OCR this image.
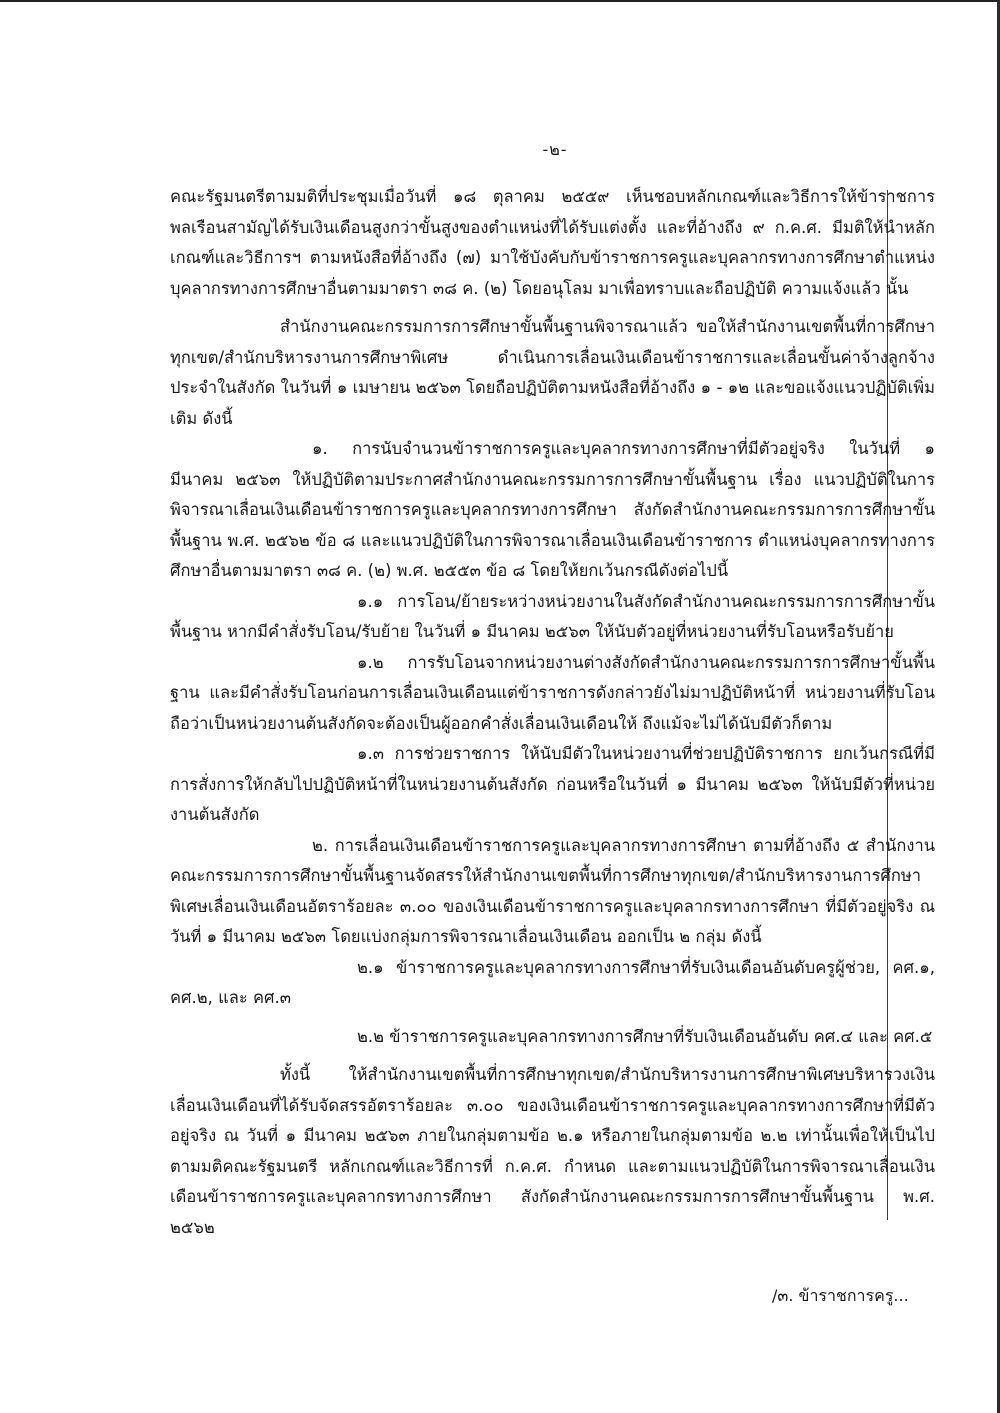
-๒-

คณะรัฐมนตรีตามมติที่ประชุมเมื่อวันที่ ๑๘ ตุลาคม ๒๕๕๙ เห็นชอบหลักเกณฑ์และวิธีการให้ข้าราชการพลเรือนสามัญได้รับเงินเดือนสูงกว่าขั้นสูงของตำแหน่งที่ได้รับแต่งตั้ง และที่อ้างถึง ๙ ก.ค.ศ. มีมติให้นำหลักเกณฑ์และวิธีการฯ ตามหนังสือที่อ้างถึง (๗) มาใช้บังคับกับข้าราชการครูและบุคลากรทางการศึกษาตำแหน่งบุคลากรทางการศึกษาอื่นตามมาตรา ๓๘ ค. (๒) โดยอนุโลม มาเพื่อทราบและถือปฏิบัติ ความแจ้งแล้ว นั้น

สำนักงานคณะกรรมการการศึกษาขั้นพื้นฐานพิจารณาแล้ว ขอให้สำนักงานเขตพื้นที่การศึกษาทุกเขต/สำนักบริหารงานการศึกษาพิเศษ ดำเนินการเลื่อนเงินเดือนข้าราชการและเลื่อนขั้นค่าจ้างลูกจ้างประจำในสังกัด ในวันที่ ๑ เมษายน ๒๕๖๓ โดยถือปฏิบัติตามหนังสือที่อ้างถึง ๑ - ๑๒ และขอแจ้งแนวปฏิบัติเพิ่มเติม ดังนี้

๑. การนับจำนวนข้าราชการครูและบุคลากรทางการศึกษาที่มีตัวอยู่จริง ในวันที่ ๑ มีนาคม ๒๕๖๓ ให้ปฏิบัติตามประกาศสำนักงานคณะกรรมการการศึกษาขั้นพื้นฐาน เรื่อง แนวปฏิบัติในการพิจารณาเลื่อนเงินเดือนข้าราชการครูและบุคลากรทางการศึกษา สังกัดสำนักงานคณะกรรมการการศึกษาขั้นพื้นฐาน พ.ศ. ๒๕๖๒ ข้อ ๘ และแนวปฏิบัติในการพิจารณาเลื่อนเงินเดือนข้าราชการ ตำแหน่งบุคลากรทางการศึกษาอื่นตามมาตรา ๓๘ ค. (๒) พ.ศ. ๒๕๕๓ ข้อ ๘ โดยให้ยกเว้นกรณีดังต่อไปนี้

๑.๑ การโอน/ย้ายระหว่างหน่วยงานในสังกัดสำนักงานคณะกรรมการการศึกษาขั้นพื้นฐาน หากมีคำสั่งรับโอน/รับย้าย ในวันที่ ๑ มีนาคม ๒๕๖๓ ให้นับตัวอยู่ที่หน่วยงานที่รับโอนหรือรับย้าย

๑.๒ การรับโอนจากหน่วยงานต่างสังกัดสำนักงานคณะกรรมการการศึกษาขั้นพื้นฐาน และมีคำสั่งรับโอนก่อนการเลื่อนเงินเดือนแต่ข้าราชการดังกล่าวยังไม่มาปฏิบัติหน้าที่ หน่วยงานที่รับโอนถือว่าเป็นหน่วยงานต้นสังกัดจะต้องเป็นผู้ออกคำสั่งเลื่อนเงินเดือนให้ ถึงแม้จะไม่ได้นับมีตัวก็ตาม

๑.๓ การช่วยราชการ ให้นับมีตัวในหน่วยงานที่ช่วยปฏิบัติราชการ ยกเว้นกรณีที่มีการสั่งการให้กลับไปปฏิบัติหน้าที่ในหน่วยงานต้นสังกัด ก่อนหรือในวันที่ ๑ มีนาคม ๒๕๖๓ ให้นับมีตัวที่หน่วยงานต้นสังกัด

๒. การเลื่อนเงินเดือนข้าราชการครูและบุคลากรทางการศึกษา ตามที่อ้างถึง ๕ สำนักงานคณะกรรมการการศึกษาขั้นพื้นฐานจัดสรรให้สำนักงานเขตพื้นที่การศึกษาทุกเขต/สำนักบริหารงานการศึกษาพิเศษเลื่อนเงินเดือนอัตราร้อยละ ๓.๐๐ ของเงินเดือนข้าราชการครูและบุคลากรทางการศึกษา ที่มีตัวอยู่จริง ณ วันที่ ๑ มีนาคม ๒๕๖๓ โดยแบ่งกลุ่มการพิจารณาเลื่อนเงินเดือน ออกเป็น ๒ กลุ่ม ดังนี้

๒.๑ ข้าราชการครูและบุคลากรทางการศึกษาที่รับเงินเดือนอันดับครูผู้ช่วย, คศ.๑, คศ.๒, และ คศ.๓

๒.๒ ข้าราชการครูและบุคลากรทางการศึกษาที่รับเงินเดือนอันดับ คศ.๔ และ คศ.๕

ทั้งนี้ ให้สำนักงานเขตพื้นที่การศึกษาทุกเขต/สำนักบริหารงานการศึกษาพิเศษบริหารวงเงินเลื่อนเงินเดือนที่ได้รับจัดสรรอัตราร้อยละ ๓.๐๐ ของเงินเดือนข้าราชการครูและบุคลากรทางการศึกษาที่มีตัวอยู่จริง ณ วันที่ ๑ มีนาคม ๒๕๖๓ ภายในกลุ่มตามข้อ ๒.๑ หรือภายในกลุ่มตามข้อ ๒.๒ เท่านั้นเพื่อให้เป็นไปตามมติคณะรัฐมนตรี หลักเกณฑ์และวิธีการที่ ก.ค.ศ. กำหนด และตามแนวปฏิบัติในการพิจารณาเลื่อนเงินเดือนข้าราชการครูและบุคลากรทางการศึกษา สังกัดสำนักงานคณะกรรมการการศึกษาขั้นพื้นฐาน พ.ศ. ๒๕๖๒

/๓. ข้าราชการครู...
